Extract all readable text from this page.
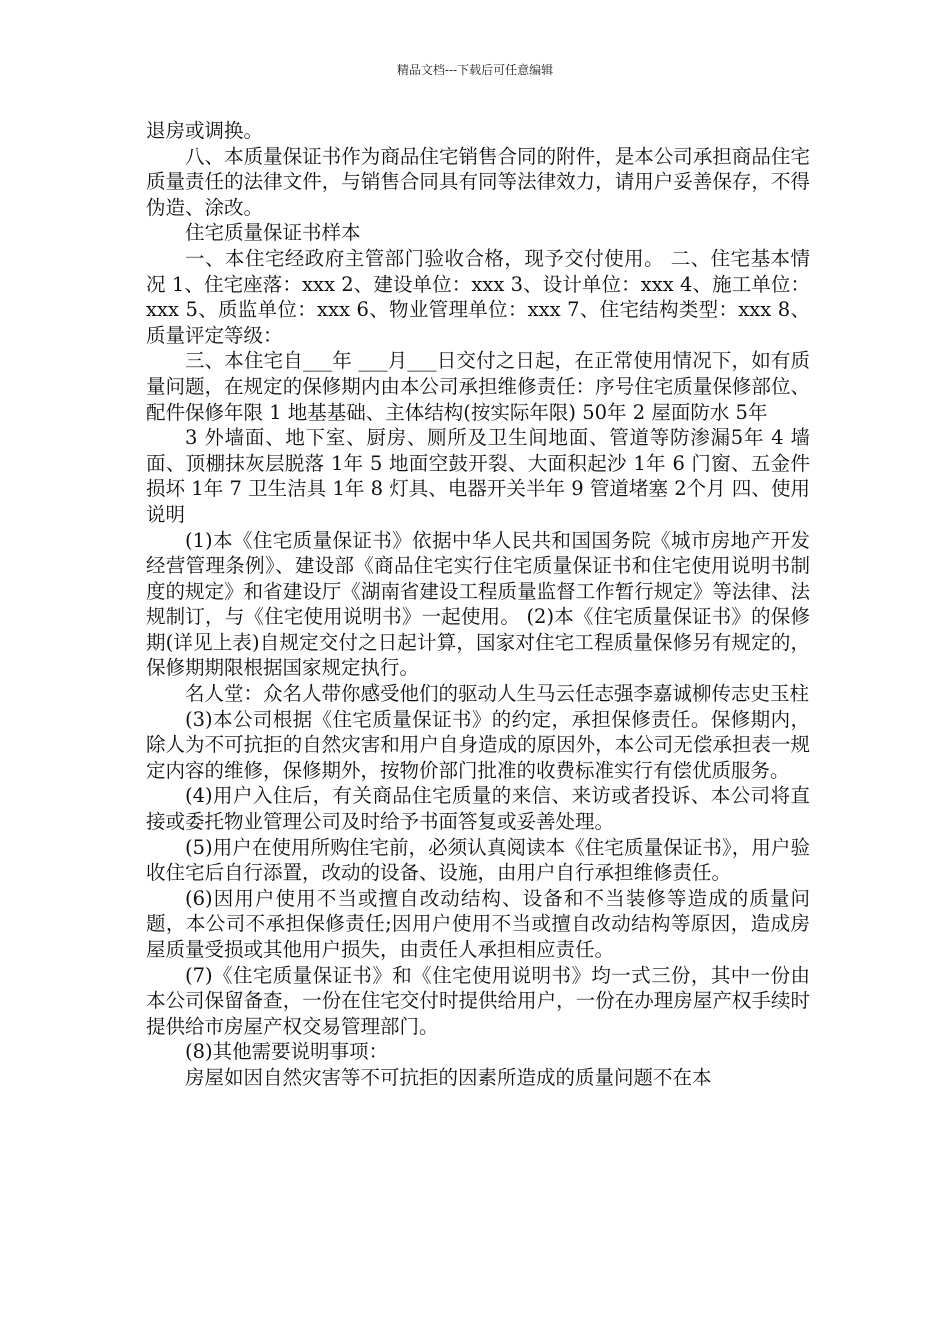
精品文档---下载后可任意编辑

退房或调换。

八、本质量保证书作为商品住宅销售合同的附件，是本公司承担商品住宅质量责任的法律文件，与销售合同具有同等法律效力，请用户妥善保存，不得伪造、涂改。

住宅质量保证书样本

一、本住宅经政府主管部门验收合格，现予交付使用。 二、住宅基本情况 1、住宅座落：xxx 2、建设单位：xxx 3、设计单位：xxx 4、施工单位：xxx 5、质监单位：xxx 6、物业管理单位：xxx 7、住宅结构类型：xxx 8、质量评定等级：

三、本住宅自___年 ___月___日交付之日起，在正常使用情况下，如有质量问题，在规定的保修期内由本公司承担维修责任：序号住宅质量保修部位、配件保修年限 1 地基基础、主体结构(按实际年限) 50年 2 屋面防水 5年

3 外墙面、地下室、厨房、厕所及卫生间地面、管道等防渗漏5年 4 墙面、顶棚抹灰层脱落 1年 5 地面空鼓开裂、大面积起沙 1年 6 门窗、五金件损坏 1年 7 卫生洁具 1年 8 灯具、电器开关半年 9 管道堵塞 2个月 四、使用说明

(1)本《住宅质量保证书》依据中华人民共和国国务院《城市房地产开发经营管理条例》、建设部《商品住宅实行住宅质量保证书和住宅使用说明书制度的规定》和省建设厅《湖南省建设工程质量监督工作暂行规定》等法律、法规制订，与《住宅使用说明书》一起使用。 (2)本《住宅质量保证书》的保修期(详见上表)自规定交付之日起计算，国家对住宅工程质量保修另有规定的，保修期期限根据国家规定执行。

名人堂：众名人带你感受他们的驱动人生马云任志强李嘉诚柳传志史玉柱

(3)本公司根据《住宅质量保证书》的约定，承担保修责任。保修期内，除人为不可抗拒的自然灾害和用户自身造成的原因外，本公司无偿承担表一规定内容的维修，保修期外，按物价部门批准的收费标准实行有偿优质服务。

(4)用户入住后，有关商品住宅质量的来信、来访或者投诉、本公司将直接或委托物业管理公司及时给予书面答复或妥善处理。

(5)用户在使用所购住宅前，必须认真阅读本《住宅质量保证书》，用户验收住宅后自行添置，改动的设备、设施，由用户自行承担维修责任。

(6)因用户使用不当或擅自改动结构、设备和不当装修等造成的质量问题，本公司不承担保修责任;因用户使用不当或擅自改动结构等原因，造成房屋质量受损或其他用户损失，由责任人承担相应责任。

(7)《住宅质量保证书》和《住宅使用说明书》均一式三份，其中一份由本公司保留备查，一份在住宅交付时提供给用户，一份在办理房屋产权手续时提供给市房屋产权交易管理部门。

(8)其他需要说明事项：

房屋如因自然灾害等不可抗拒的因素所造成的质量问题不在本
